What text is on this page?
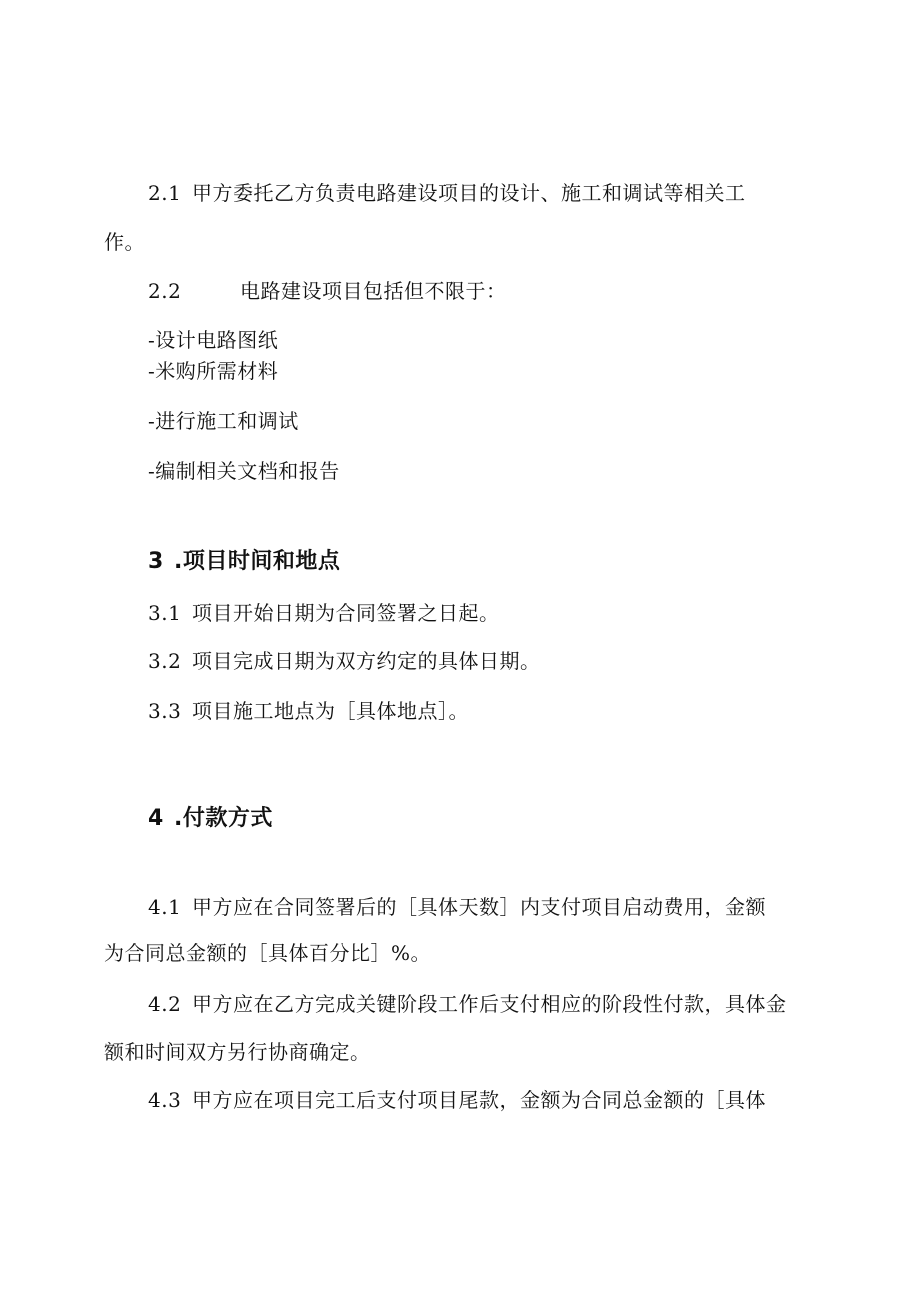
2.1 甲方委托乙方负责电路建设项目的设计、施工和调试等相关工
作。
2.2	电路建设项目包括但不限于：
-设计电路图纸
-米购所需材料
-进行施工和调试
-编制相关文档和报告
3 .项目时间和地点
3.1 项目开始日期为合同签署之日起。
3.2 项目完成日期为双方约定的具体日期。
3.3 项目施工地点为［具体地点］。
4 .付款方式
4.1 甲方应在合同签署后的［具体天数］内支付项目启动费用，金额
为合同总金额的［具体百分比］%。
4.2 甲方应在乙方完成关键阶段工作后支付相应的阶段性付款，具体金
额和时间双方另行协商确定。
4.3 甲方应在项目完工后支付项目尾款，金额为合同总金额的［具体
